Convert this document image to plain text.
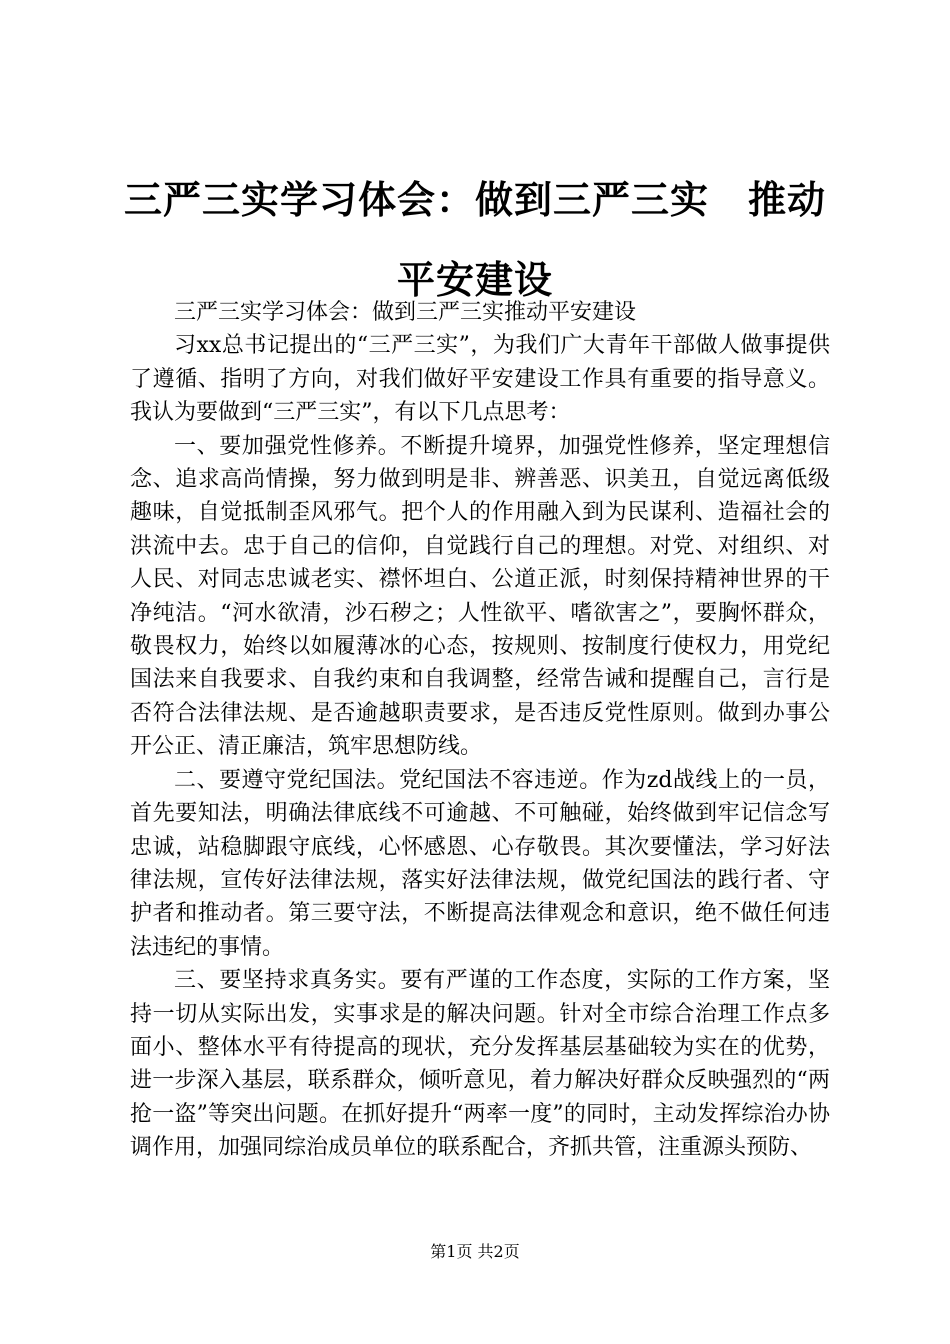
三严三实学习体会：做到三严三实　推动平安建设

三严三实学习体会：做到三严三实推动平安建设

习xx总书记提出的“三严三实”，为我们广大青年干部做人做事提供了遵循、指明了方向，对我们做好平安建设工作具有重要的指导意义。我认为要做到“三严三实”，有以下几点思考：

一、要加强党性修养。不断提升境界，加强党性修养，坚定理想信念、追求高尚情操，努力做到明是非、辨善恶、识美丑，自觉远离低级趣味，自觉抵制歪风邪气。把个人的作用融入到为民谋利、造福社会的洪流中去。忠于自己的信仰，自觉践行自己的理想。对党、对组织、对人民、对同志忠诚老实、襟怀坦白、公道正派，时刻保持精神世界的干净纯洁。“河水欲清，沙石秽之；人性欲平、嗜欲害之”，要胸怀群众，敬畏权力，始终以如履薄冰的心态，按规则、按制度行使权力，用党纪国法来自我要求、自我约束和自我调整，经常告诫和提醒自己，言行是否符合法律法规、是否逾越职责要求，是否违反党性原则。做到办事公开公正、清正廉洁，筑牢思想防线。

二、要遵守党纪国法。党纪国法不容违逆。作为zd战线上的一员，首先要知法，明确法律底线不可逾越、不可触碰，始终做到牢记信念写忠诚，站稳脚跟守底线，心怀感恩、心存敬畏。其次要懂法，学习好法律法规，宣传好法律法规，落实好法律法规，做党纪国法的践行者、守护者和推动者。第三要守法，不断提高法律观念和意识，绝不做任何违法违纪的事情。

三、要坚持求真务实。要有严谨的工作态度，实际的工作方案，坚持一切从实际出发，实事求是的解决问题。针对全市综合治理工作点多面小、整体水平有待提高的现状，充分发挥基层基础较为实在的优势，进一步深入基层，联系群众，倾听意见，着力解决好群众反映强烈的“两抢一盗”等突出问题。在抓好提升“两率一度”的同时，主动发挥综治办协调作用，加强同综治成员单位的联系配合，齐抓共管，注重源头预防、

第1页 共2页
